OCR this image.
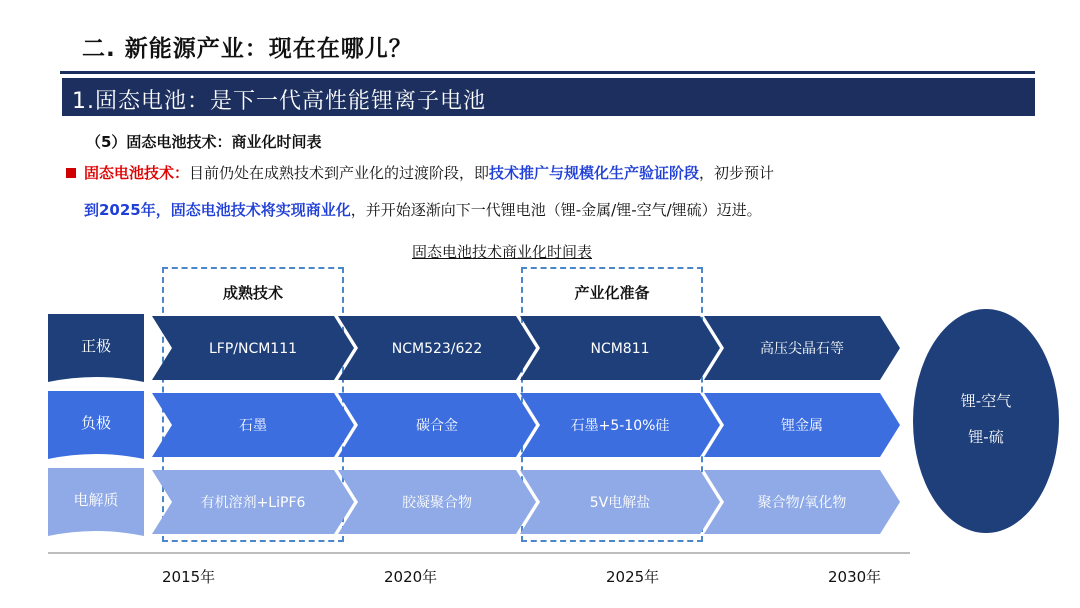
二. 新能源产业：现在在哪儿？
1.固态电池：是下一代高性能锂离子电池
（5）固态电池技术：商业化时间表
固态电池技术：目前仍处在成熟技术到产业化的过渡阶段，即技术推广与规模化生产验证阶段，初步预计
到2025年，固态电池技术将实现商业化，并开始逐渐向下一代锂电池（锂-金属/锂-空气/锂硫）迈进。
固态电池技术商业化时间表
成熟技术	产业化准备
正极	LFP/NCM111	NCM523/622	NCM811	高压尖晶石等
负极	石墨	碳合金	石墨+5-10%硅	锂金属
电解质	有机溶剂+LiPF6	胶凝聚合物	5V电解盐	聚合物/氧化物
锂-空气
锂-硫
2015年	2020年	2025年	2030年
